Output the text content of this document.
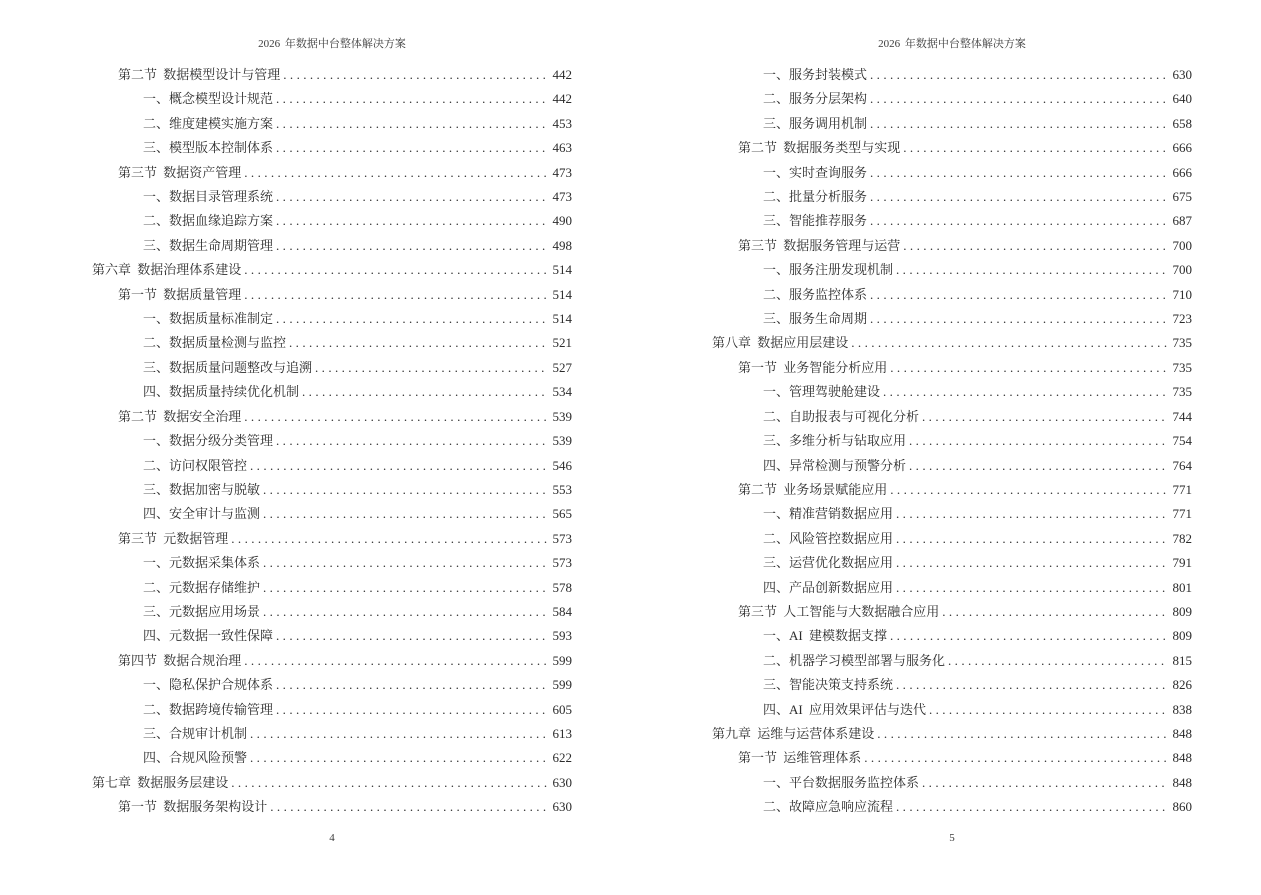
2026 年数据中台整体解决方案
第二节 数据模型设计与管理 .....	442
一、概念模型设计规范 .....	442
二、维度建模实施方案 .....	453
三、模型版本控制体系 .....	463
第三节 数据资产管理 .....	473
一、数据目录管理系统 .....	473
二、数据血缘追踪方案 .....	490
三、数据生命周期管理 .....	498
第六章 数据治理体系建设 .....	514
第一节 数据质量管理 .....	514
一、数据质量标准制定 .....	514
二、数据质量检测与监控 .....	521
三、数据质量问题整改与追溯 .....	527
四、数据质量持续优化机制 .....	534
第二节 数据安全治理 .....	539
一、数据分级分类管理 .....	539
二、访问权限管控 .....	546
三、数据加密与脱敏 .....	553
四、安全审计与监测 .....	565
第三节 元数据管理 .....	573
一、元数据采集体系 .....	573
二、元数据存储维护 .....	578
三、元数据应用场景 .....	584
四、元数据一致性保障 .....	593
第四节 数据合规治理 .....	599
一、隐私保护合规体系 .....	599
二、数据跨境传输管理 .....	605
三、合规审计机制 .....	613
四、合规风险预警 .....	622
第七章 数据服务层建设 .....	630
第一节 数据服务架构设计 .....	630
4
2026 年数据中台整体解决方案
一、服务封装模式 .....	630
二、服务分层架构 .....	640
三、服务调用机制 .....	658
第二节 数据服务类型与实现 .....	666
一、实时查询服务 .....	666
二、批量分析服务 .....	675
三、智能推荐服务 .....	687
第三节 数据服务管理与运营 .....	700
一、服务注册发现机制 .....	700
二、服务监控体系 .....	710
三、服务生命周期 .....	723
第八章 数据应用层建设 .....	735
第一节 业务智能分析应用 .....	735
一、管理驾驶舱建设 .....	735
二、自助报表与可视化分析 .....	744
三、多维分析与钻取应用 .....	754
四、异常检测与预警分析 .....	764
第二节 业务场景赋能应用 .....	771
一、精准营销数据应用 .....	771
二、风险管控数据应用 .....	782
三、运营优化数据应用 .....	791
四、产品创新数据应用 .....	801
第三节 人工智能与大数据融合应用 .....	809
一、AI 建模数据支撑 .....	809
二、机器学习模型部署与服务化 .....	815
三、智能决策支持系统 .....	826
四、AI 应用效果评估与迭代 .....	838
第九章 运维与运营体系建设 .....	848
第一节 运维管理体系 .....	848
一、平台数据服务监控体系 .....	848
二、故障应急响应流程 .....	860
5
